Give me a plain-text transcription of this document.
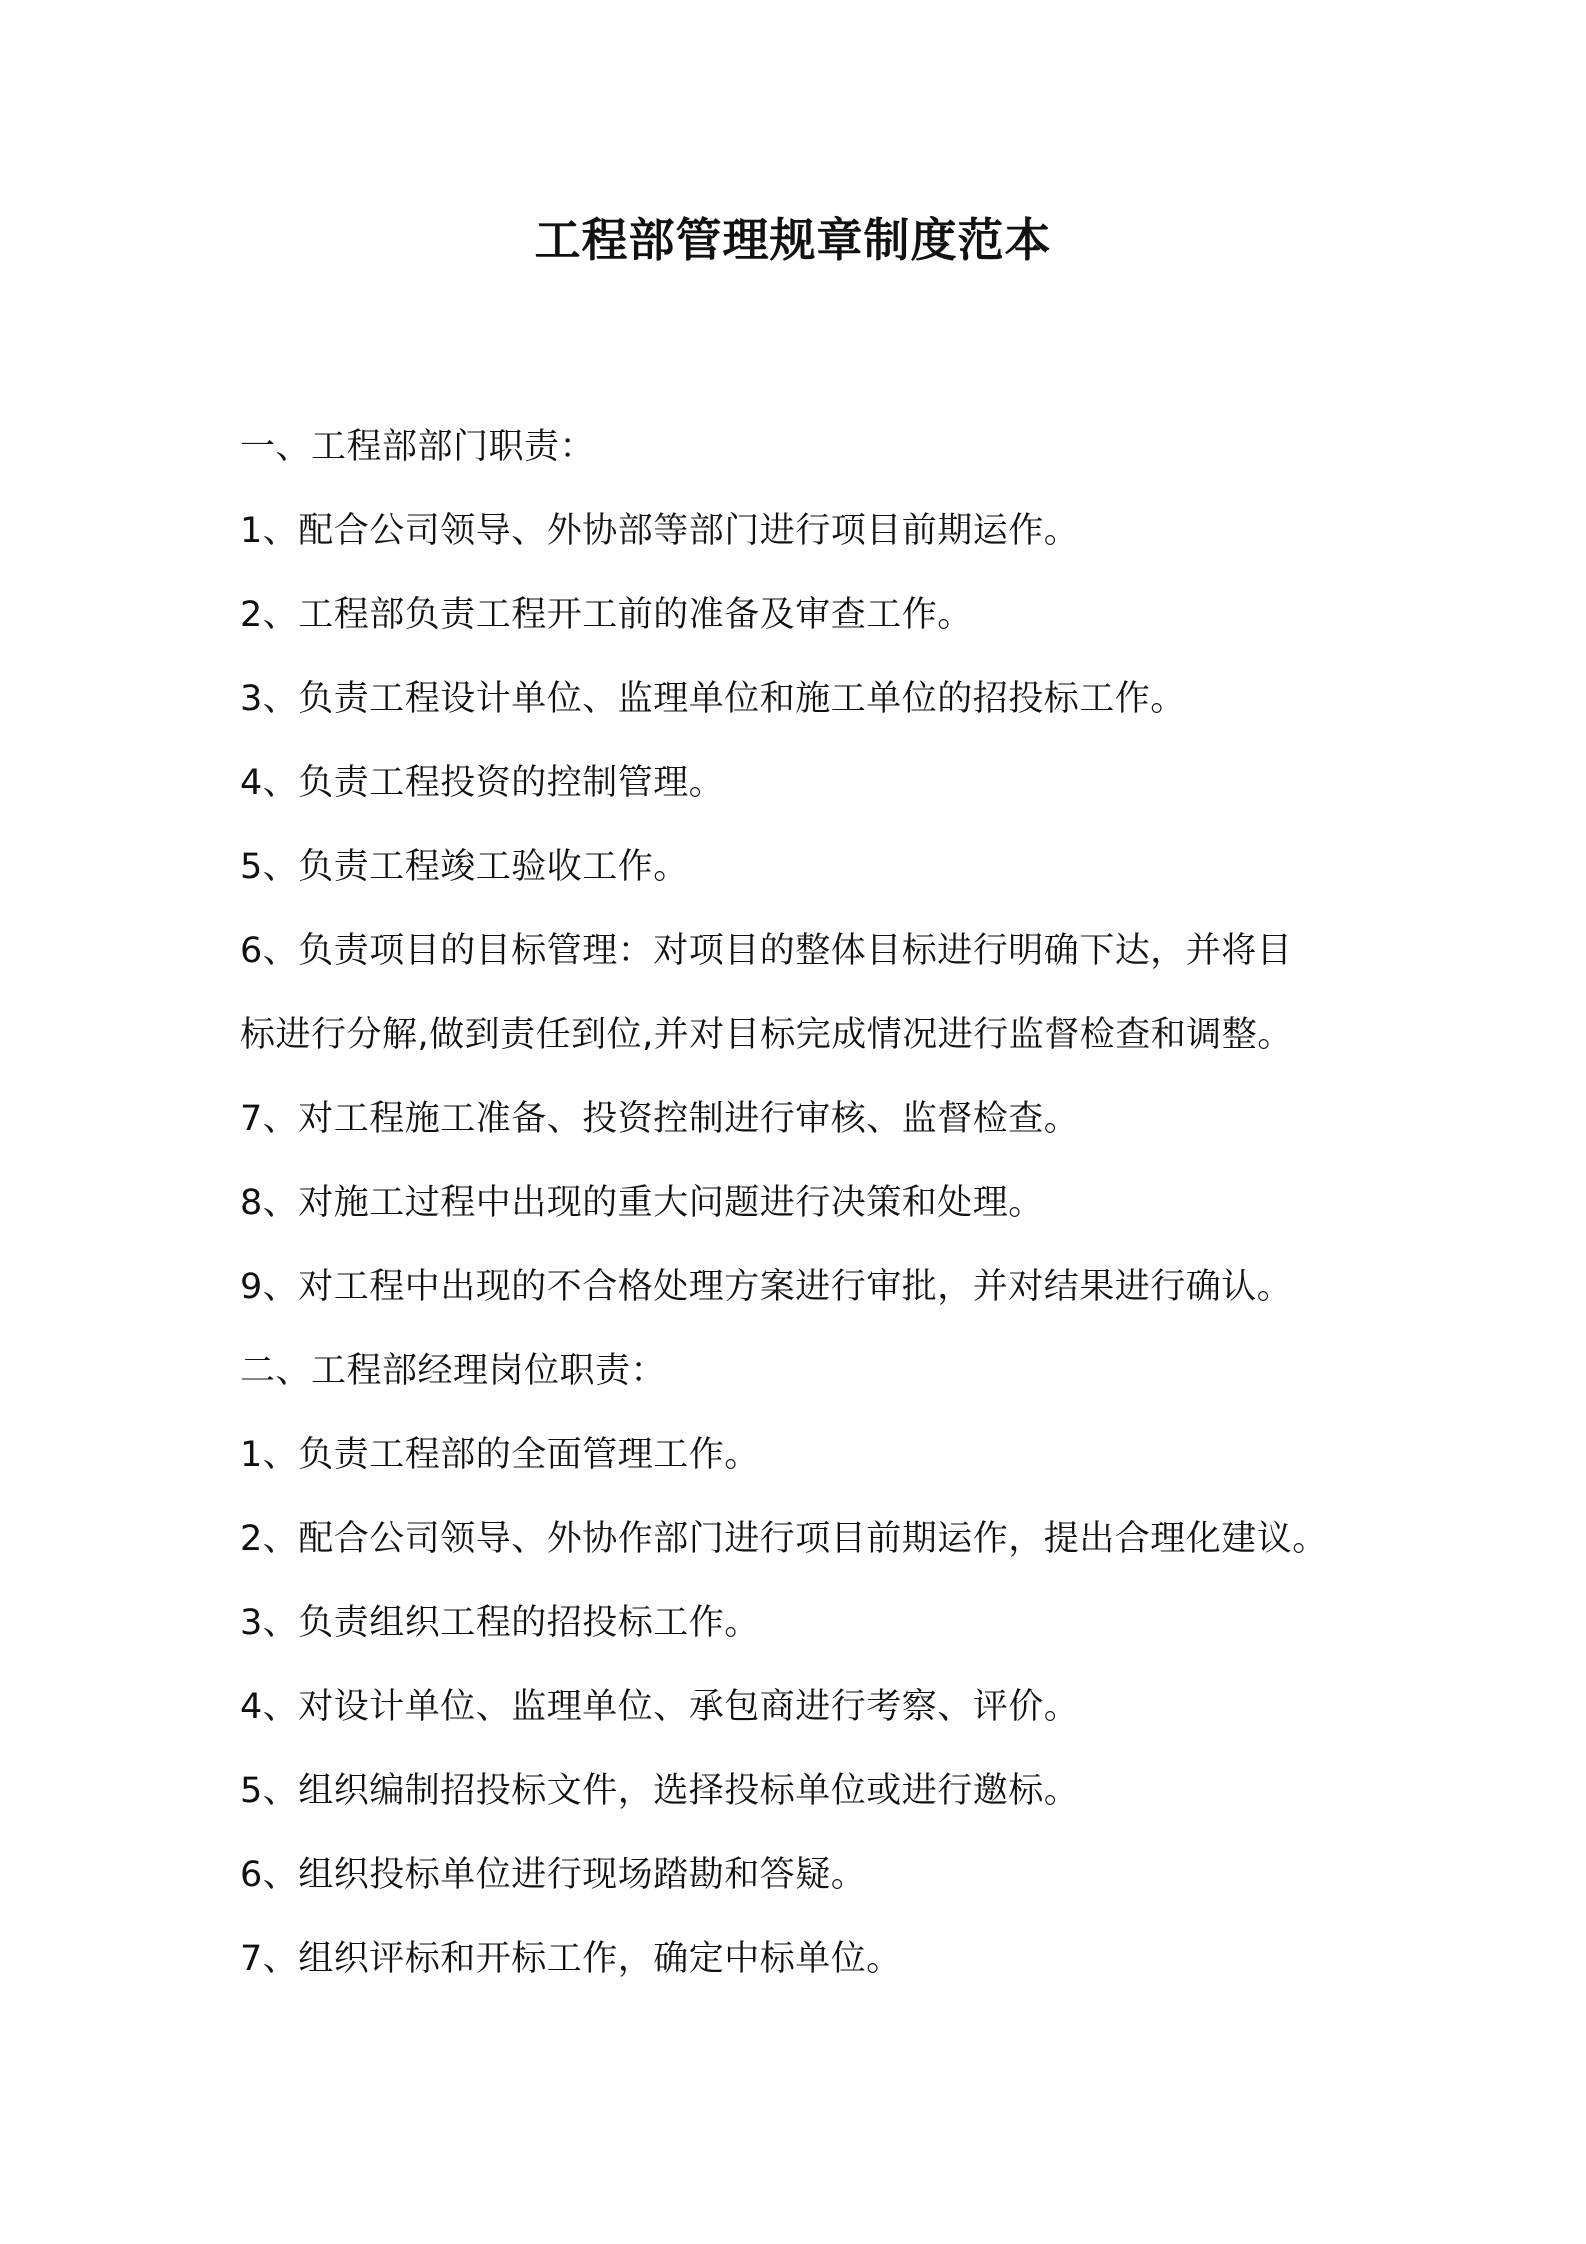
工程部管理规章制度范本
一、工程部部门职责：
1、配合公司领导、外协部等部门进行项目前期运作。
2、工程部负责工程开工前的准备及审查工作。
3、负责工程设计单位、监理单位和施工单位的招投标工作。
4、负责工程投资的控制管理。
5、负责工程竣工验收工作。
6、负责项目的目标管理：对项目的整体目标进行明确下达，并将目
标进行分解,做到责任到位,并对目标完成情况进行监督检查和调整。
7、对工程施工准备、投资控制进行审核、监督检查。
8、对施工过程中出现的重大问题进行决策和处理。
9、对工程中出现的不合格处理方案进行审批，并对结果进行确认。
二、工程部经理岗位职责：
1、负责工程部的全面管理工作。
2、配合公司领导、外协作部门进行项目前期运作，提出合理化建议。
3、负责组织工程的招投标工作。
4、对设计单位、监理单位、承包商进行考察、评价。
5、组织编制招投标文件，选择投标单位或进行邀标。
6、组织投标单位进行现场踏勘和答疑。
7、组织评标和开标工作，确定中标单位。
